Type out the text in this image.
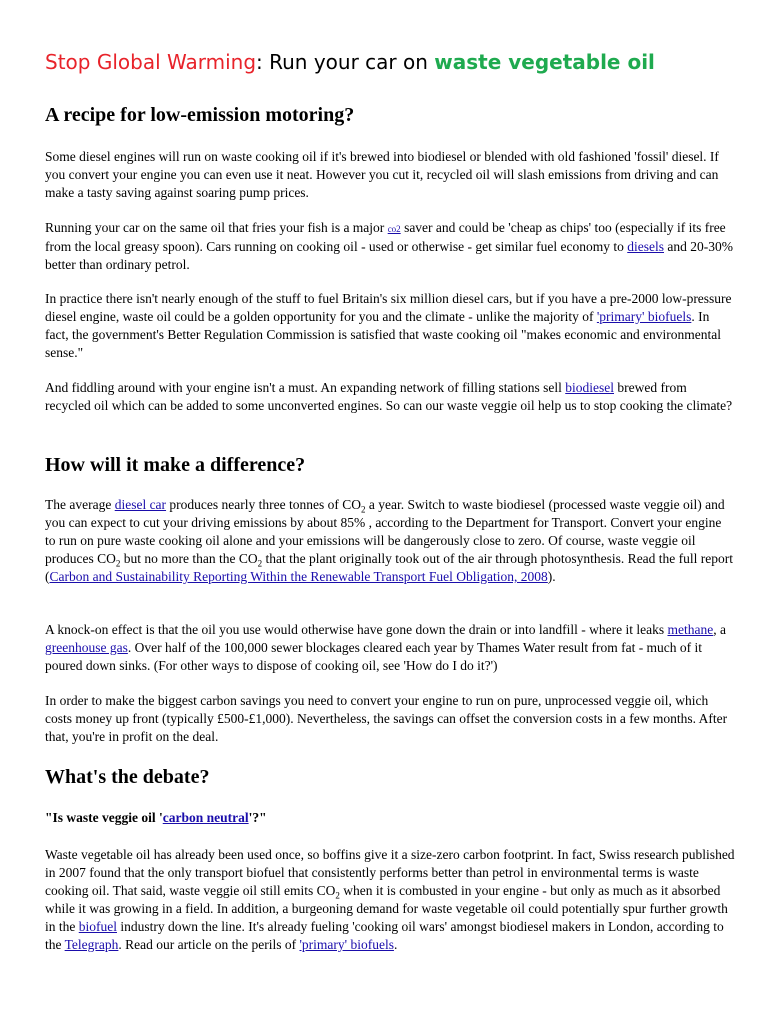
Stop Global Warming: Run your car on waste vegetable oil
A recipe for low-emission motoring?

Some diesel engines will run on waste cooking oil if it's brewed into biodiesel or blended with old fashioned 'fossil' diesel. If you convert your engine you can even use it neat. However you cut it, recycled oil will slash emissions from driving and can make a tasty saving against soaring pump prices.

Running your car on the same oil that fries your fish is a major co2 saver and could be 'cheap as chips' too (especially if its free from the local greasy spoon). Cars running on cooking oil - used or otherwise - get similar fuel economy to diesels and 20-30% better than ordinary petrol.

In practice there isn't nearly enough of the stuff to fuel Britain's six million diesel cars, but if you have a pre-2000 low-pressure diesel engine, waste oil could be a golden opportunity for you and the climate - unlike the majority of 'primary' biofuels. In fact, the government's Better Regulation Commission is satisfied that waste cooking oil "makes economic and environmental sense."

And fiddling around with your engine isn't a must. An expanding network of filling stations sell biodiesel brewed from recycled oil which can be added to some unconverted engines. So can our waste veggie oil help us to stop cooking the climate?

How will it make a difference?

The average diesel car produces nearly three tonnes of $CO_2$ a year. Switch to waste biodiesel (processed waste veggie oil) and you can expect to cut your driving emissions by about 85% , according to the Department for Transport. Convert your engine to run on pure waste cooking oil alone and your emissions will be dangerously close to zero. Of course, waste veggie oil produces $CO_2$ but no more than the $CO_2$ that the plant originally took out of the air through photosynthesis. Read the full report (Carbon and Sustainability Reporting Within the Renewable Transport Fuel Obligation, 2008).

A knock-on effect is that the oil you use would otherwise have gone down the drain or into landfill - where it leaks methane, a greenhouse gas. Over half of the 100,000 sewer blockages cleared each year by Thames Water result from fat - much of it poured down sinks. (For other ways to dispose of cooking oil, see 'How do I do it?')

In order to make the biggest carbon savings you need to convert your engine to run on pure, unprocessed veggie oil, which costs money up front (typically £500-£1,000). Nevertheless, the savings can offset the conversion costs in a few months. After that, you're in profit on the deal.

What's the debate?
"Is waste veggie oil 'carbon neutral'?"

Waste vegetable oil has already been used once, so boffins give it a size-zero carbon footprint. In fact, Swiss research published in 2007 found that the only transport biofuel that consistently performs better than petrol in environmental terms is waste cooking oil. That said, waste veggie oil still emits $CO_2$ when it is combusted in your engine - but only as much as it absorbed while it was growing in a field. In addition, a burgeoning demand for waste vegetable oil could potentially spur further growth in the biofuel industry down the line. It's already fueling 'cooking oil wars' amongst biodiesel makers in London, according to the Telegraph. Read our article on the perils of 'primary' biofuels.
